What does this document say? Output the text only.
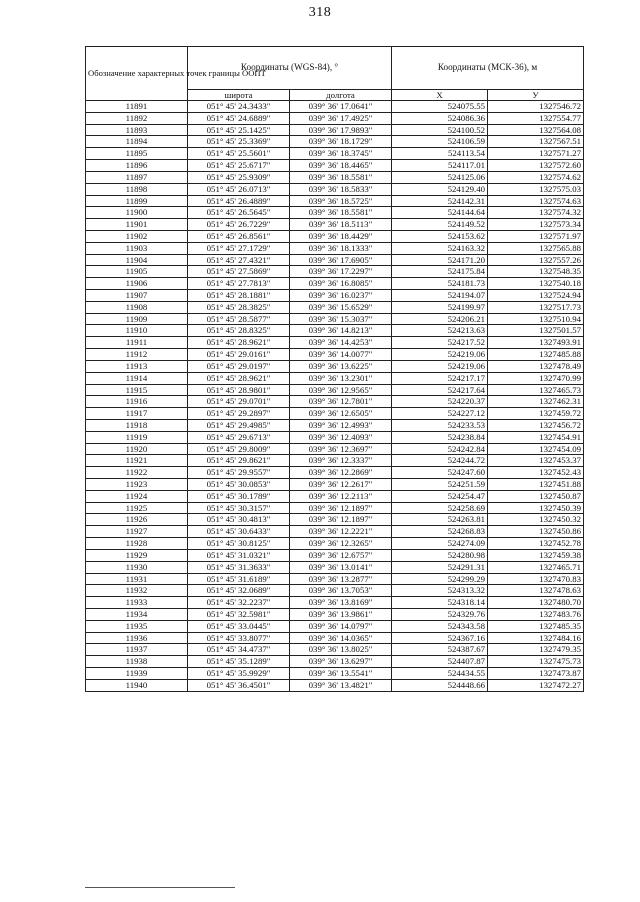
318
Обозначение характерных точек границы ООПТ	Координаты (WGS-84), °		Координаты (МСК-36), м	
	широта	долгота	X	У
11891	051° 45' 24.3433"	039° 36' 17.0641"	524075.55	1327546.72
11892	051° 45' 24.6889"	039° 36' 17.4925"	524086.36	1327554.77
11893	051° 45' 25.1425"	039° 36' 17.9893"	524100.52	1327564.08
11894	051° 45' 25.3369"	039° 36' 18.1729"	524106.59	1327567.51
11895	051° 45' 25.5601"	039° 36' 18.3745"	524113.54	1327571.27
11896	051° 45' 25.6717"	039° 36' 18.4465"	524117.01	1327572.60
11897	051° 45' 25.9309"	039° 36' 18.5581"	524125.06	1327574.62
11898	051° 45' 26.0713"	039° 36' 18.5833"	524129.40	1327575.03
11899	051° 45' 26.4889"	039° 36' 18.5725"	524142.31	1327574.63
11900	051° 45' 26.5645"	039° 36' 18.5581"	524144.64	1327574.32
11901	051° 45' 26.7229"	039° 36' 18.5113"	524149.52	1327573.34
11902	051° 45' 26.8561"	039° 36' 18.4429"	524153.62	1327571.97
11903	051° 45' 27.1729"	039° 36' 18.1333"	524163.32	1327565.88
11904	051° 45' 27.4321"	039° 36' 17.6905"	524171.20	1327557.26
11905	051° 45' 27.5869"	039° 36' 17.2297"	524175.84	1327548.35
11906	051° 45' 27.7813"	039° 36' 16.8085"	524181.73	1327540.18
11907	051° 45' 28.1881"	039° 36' 16.0237"	524194.07	1327524.94
11908	051° 45' 28.3825"	039° 36' 15.6529"	524199.97	1327517.73
11909	051° 45' 28.5877"	039° 36' 15.3037"	524206.21	1327510.94
11910	051° 45' 28.8325"	039° 36' 14.8213"	524213.63	1327501.57
11911	051° 45' 28.9621"	039° 36' 14.4253"	524217.52	1327493.91
11912	051° 45' 29.0161"	039° 36' 14.0077"	524219.06	1327485.88
11913	051° 45' 29.0197"	039° 36' 13.6225"	524219.06	1327478.49
11914	051° 45' 28.9621"	039° 36' 13.2301"	524217.17	1327470.99
11915	051° 45' 28.9801"	039° 36' 12.9565"	524217.64	1327465.73
11916	051° 45' 29.0701"	039° 36' 12.7801"	524220.37	1327462.31
11917	051° 45' 29.2897"	039° 36' 12.6505"	524227.12	1327459.72
11918	051° 45' 29.4985"	039° 36' 12.4993"	524233.53	1327456.72
11919	051° 45' 29.6713"	039° 36' 12.4093"	524238.84	1327454.91
11920	051° 45' 29.8009"	039° 36' 12.3697"	524242.84	1327454.09
11921	051° 45' 29.8621"	039° 36' 12.3337"	524244.72	1327453.37
11922	051° 45' 29.9557"	039° 36' 12.2869"	524247.60	1327452.43
11923	051° 45' 30.0853"	039° 36' 12.2617"	524251.59	1327451.88
11924	051° 45' 30.1789"	039° 36' 12.2113"	524254.47	1327450.87
11925	051° 45' 30.3157"	039° 36' 12.1897"	524258.69	1327450.39
11926	051° 45' 30.4813"	039° 36' 12.1897"	524263.81	1327450.32
11927	051° 45' 30.6433"	039° 36' 12.2221"	524268.83	1327450.86
11928	051° 45' 30.8125"	039° 36' 12.3265"	524274.09	1327452.78
11929	051° 45' 31.0321"	039° 36' 12.6757"	524280.98	1327459.38
11930	051° 45' 31.3633"	039° 36' 13.0141"	524291.31	1327465.71
11931	051° 45' 31.6189"	039° 36' 13.2877"	524299.29	1327470.83
11932	051° 45' 32.0689"	039° 36' 13.7053"	524313.32	1327478.63
11933	051° 45' 32.2237"	039° 36' 13.8169"	524318.14	1327480.70
11934	051° 45' 32.5981"	039° 36' 13.9861"	524329.76	1327483.76
11935	051° 45' 33.0445"	039° 36' 14.0797"	524343.58	1327485.35
11936	051° 45' 33.8077"	039° 36' 14.0365"	524367.16	1327484.16
11937	051° 45' 34.4737"	039° 36' 13.8025"	524387.67	1327479.35
11938	051° 45' 35.1289"	039° 36' 13.6297"	524407.87	1327475.73
11939	051° 45' 35.9929"	039° 36' 13.5541"	524434.55	1327473.87
11940	051° 45' 36.4501"	039° 36' 13.4821"	524448.66	1327472.27
